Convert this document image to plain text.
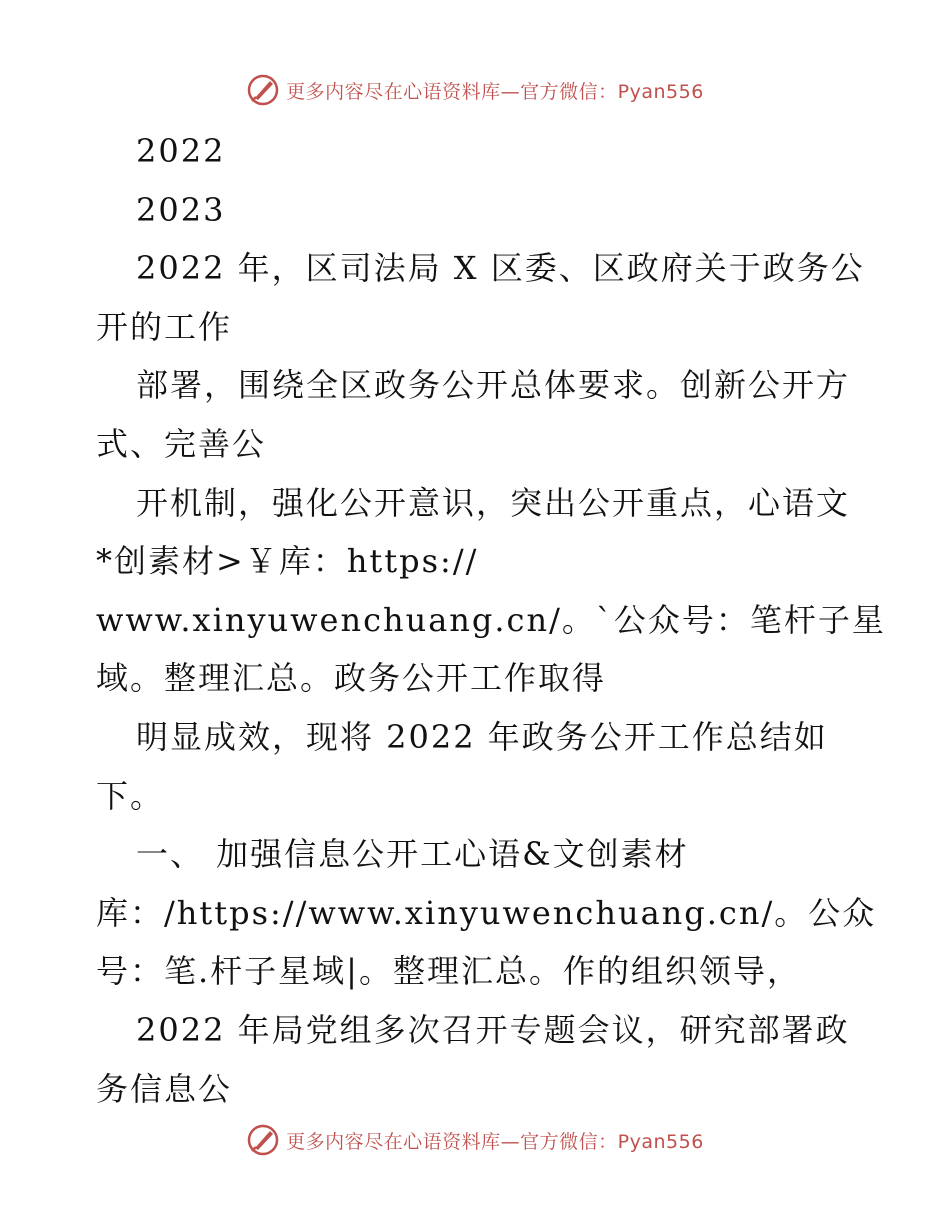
更多内容尽在心语资料库—官方微信：Pyan556
2022
2023
2022 年，区司法局 X 区委、区政府关于政务公
开的工作
部署，围绕全区政务公开总体要求。创新公开方
式、完善公
开机制，强化公开意识，突出公开重点，心语文
*创素材>￥库：https://
www.xinyuwenchuang.cn/。`公众号：笔杆子星
域。整理汇总。政务公开工作取得
明显成效，现将 2022 年政务公开工作总结如
下。
一、 加强信息公开工心语&文创素材
库：/https://www.xinyuwenchuang.cn/。公众
号：笔.杆子星域|。整理汇总。作的组织领导，
2022 年局党组多次召开专题会议，研究部署政
务信息公
更多内容尽在心语资料库—官方微信：Pyan556
